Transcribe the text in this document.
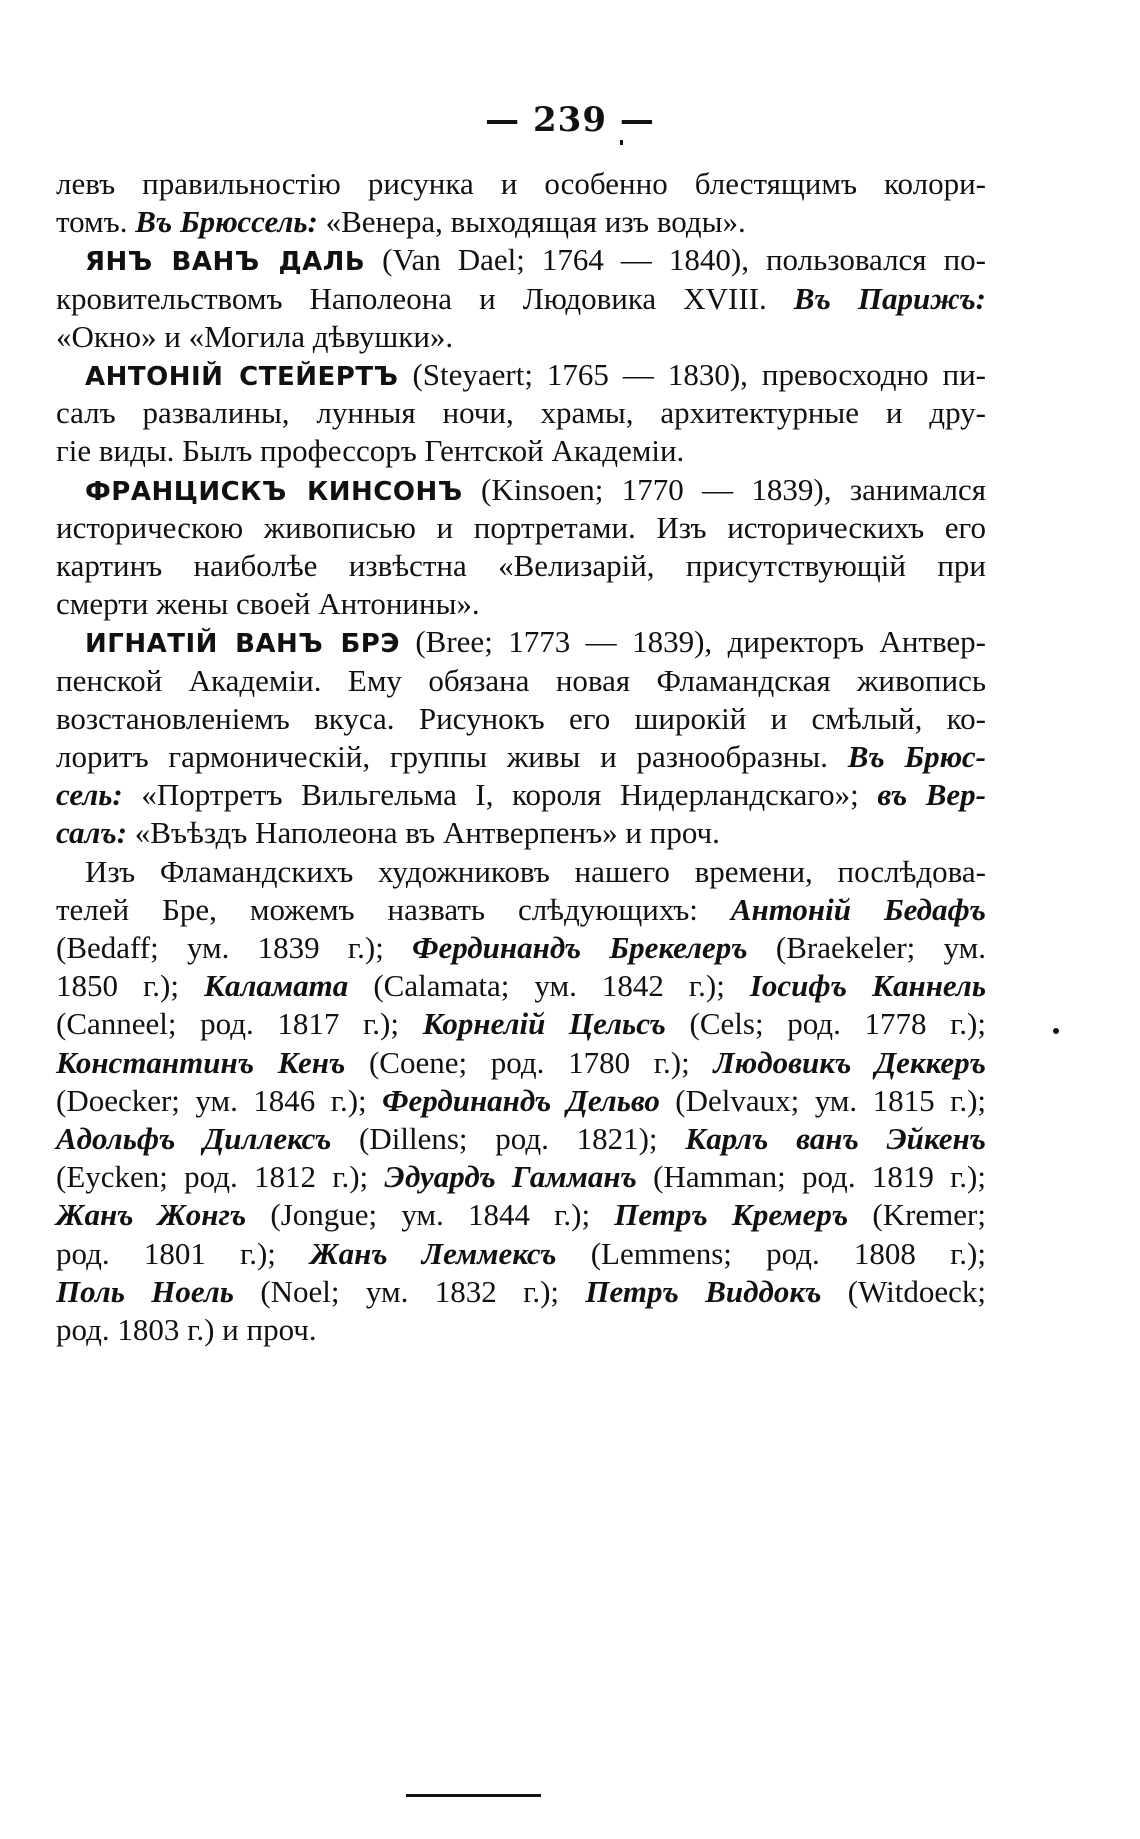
— 239 —
левъ правильностію рисунка и особенно блестящимъ колори-
томъ. Въ Брюссель: «Венера, выходящая изъ воды».
ЯНЪ ВАНЪ ДАЛЬ (Van Dael; 1764 — 1840), пользовался по-
кровительствомъ Наполеона и Людовика XVIII. Въ Парижъ:
«Окно» и «Могила дѣвушки».
АНТОНІЙ СТЕЙЕРТЪ (Steyaert; 1765 — 1830), превосходно пи-
салъ развалины, лунныя ночи, храмы, архитектурные и дру-
гіе виды. Былъ профессоръ Гентской Академіи.
ФРАНЦИСКЪ КИНСОНЪ (Kinsoen; 1770 — 1839), занимался
историческою живописью и портретами. Изъ историческихъ его
картинъ наиболѣе извѣстна «Велизарій, присутствующій при
смерти жены своей Антонины».
ИГНАТІЙ ВАНЪ БРЭ (Bree; 1773 — 1839), директоръ Антвер-
пенской Академіи. Ему обязана новая Фламандская живопись
возстановленіемъ вкуса. Рисунокъ его широкій и смѣлый, ко-
лоритъ гармоническій, группы живы и разнообразны. Въ Брюс-
сель: «Портретъ Вильгельма I, короля Нидерландскаго»; въ Вер-
салъ: «Въѣздъ Наполеона въ Антверпенъ» и проч.
Изъ Фламандскихъ художниковъ нашего времени, послѣдова-
телей Бре, можемъ назвать слѣдующихъ: Антоній Бедафъ
(Bedaff; ум. 1839 г.); Фердинандъ Брекелеръ (Braekeler; ум.
1850 г.); Каламата (Calamata; ум. 1842 г.); Іосифъ Каннель
(Canneel; род. 1817 г.); Корнелій Цельсъ (Cels; род. 1778 г.);
Константинъ Кенъ (Coene; род. 1780 г.); Людовикъ Деккеръ
(Doecker; ум. 1846 г.); Фердинандъ Дельво (Delvaux; ум. 1815 г.);
Адольфъ Диллексъ (Dillens; род. 1821); Карлъ ванъ Эйкенъ
(Eycken; род. 1812 г.); Эдуардъ Гамманъ (Hamman; род. 1819 г.);
Жанъ Жонгъ (Jongue; ум. 1844 г.); Петръ Кремеръ (Kremer;
род. 1801 г.); Жанъ Леммексъ (Lemmens; род. 1808 г.);
Поль Ноель (Noel; ум. 1832 г.); Петръ Виддокъ (Witdoeck;
род. 1803 г.) и проч.
